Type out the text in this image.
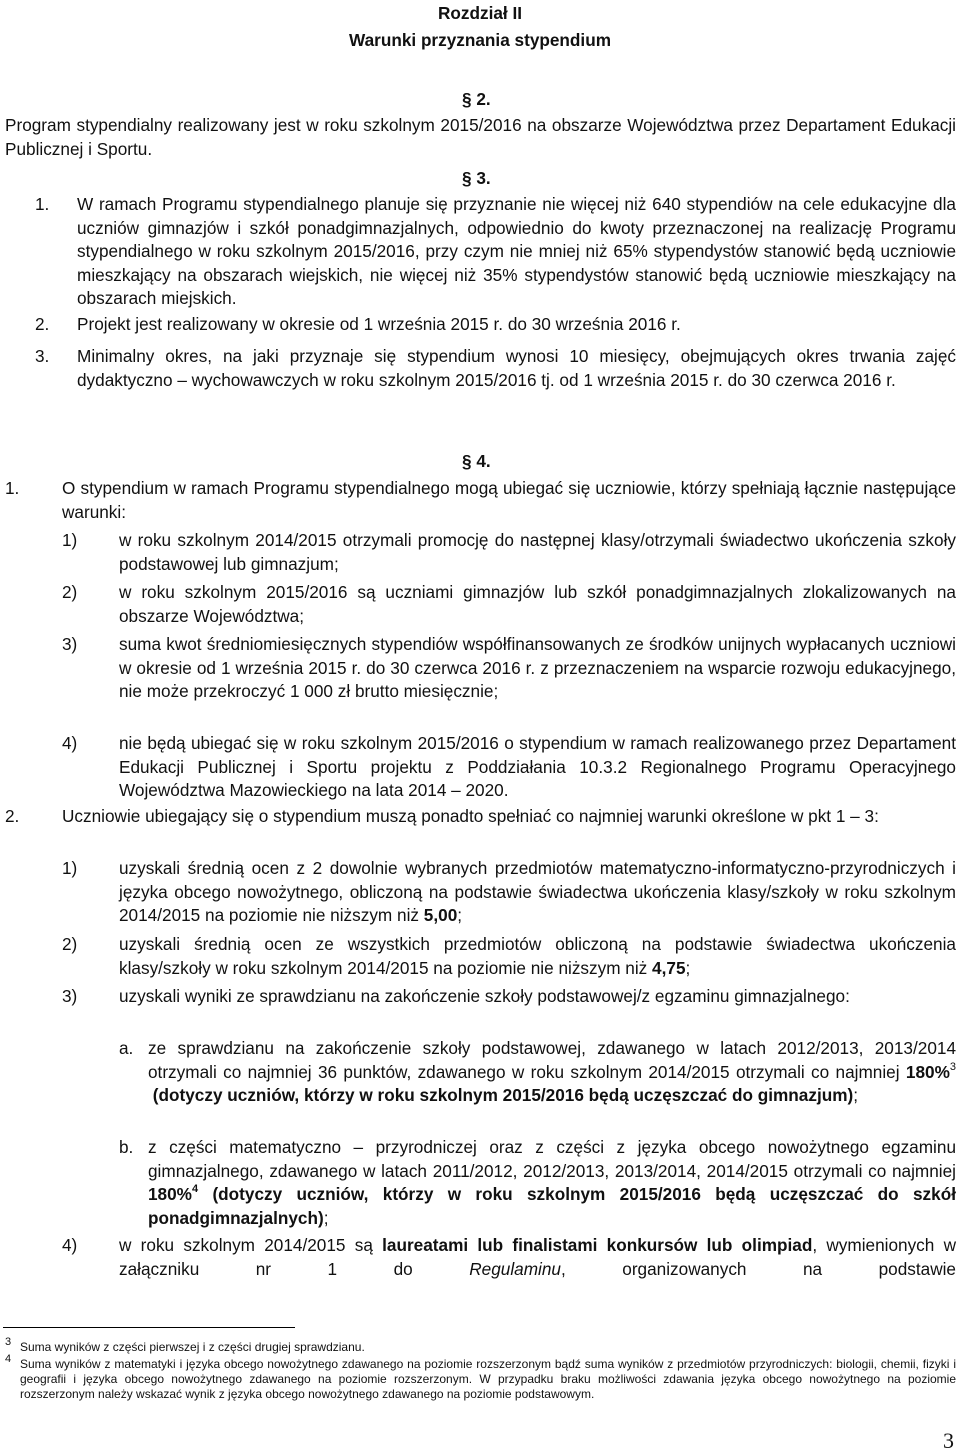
Rozdział II
Warunki przyznania stypendium
§ 2.
Program stypendialny realizowany jest w roku szkolnym 2015/2016 na obszarze Województwa przez Departament Edukacji Publicznej i Sportu.
§ 3.
1. W ramach Programu stypendialnego planuje się przyznanie nie więcej niż 640 stypendiów na cele edukacyjne dla uczniów gimnazjów i szkół ponadgimnazjalnych, odpowiednio do kwoty przeznaczonej na realizację Programu stypendialnego w roku szkolnym 2015/2016, przy czym nie mniej niż 65% stypendystów stanowić będą uczniowie mieszkający na obszarach wiejskich, nie więcej niż 35% stypendystów stanowić będą uczniowie mieszkający na obszarach miejskich.
2. Projekt jest realizowany w okresie od 1 września 2015 r. do 30 września 2016 r.
3. Minimalny okres, na jaki przyznaje się stypendium wynosi 10 miesięcy, obejmujących okres trwania zajęć dydaktyczno – wychowawczych w roku szkolnym 2015/2016 tj. od 1 września 2015 r. do 30 czerwca 2016 r.
§ 4.
1. O stypendium w ramach Programu stypendialnego mogą ubiegać się uczniowie, którzy spełniają łącznie następujące warunki:
1) w roku szkolnym 2014/2015 otrzymali promocję do następnej klasy/otrzymali świadectwo ukończenia szkoły podstawowej lub gimnazjum;
2) w roku szkolnym 2015/2016 są uczniami gimnazjów lub szkół ponadgimnazjalnych zlokalizowanych na obszarze Województwa;
3) suma kwot średniomiesięcznych stypendiów współfinansowanych ze środków unijnych wypłacanych uczniowi w okresie od 1 września 2015 r. do 30 czerwca 2016 r. z przeznaczeniem na wsparcie rozwoju edukacyjnego, nie może przekroczyć 1 000 zł brutto miesięcznie;
4) nie będą ubiegać się w roku szkolnym 2015/2016 o stypendium w ramach realizowanego przez Departament Edukacji Publicznej i Sportu projektu z Poddziałania 10.3.2 Regionalnego Programu Operacyjnego Województwa Mazowieckiego na lata 2014 – 2020.
2. Uczniowie ubiegający się o stypendium muszą ponadto spełniać co najmniej warunki określone w pkt 1 – 3:
1) uzyskali średnią ocen z 2 dowolnie wybranych przedmiotów matematyczno-informatyczno-przyrodniczych i języka obcego nowożytnego, obliczoną na podstawie świadectwa ukończenia klasy/szkoły w roku szkolnym 2014/2015 na poziomie nie niższym niż 5,00;
2) uzyskali średnią ocen ze wszystkich przedmiotów obliczoną na podstawie świadectwa ukończenia klasy/szkoły w roku szkolnym 2014/2015 na poziomie nie niższym niż 4,75;
3) uzyskali wyniki ze sprawdzianu na zakończenie szkoły podstawowej/z egzaminu gimnazjalnego:
a. ze sprawdzianu na zakończenie szkoły podstawowej, zdawanego w latach 2012/2013, 2013/2014 otrzymali co najmniej 36 punktów, zdawanego w roku szkolnym 2014/2015 otrzymali co najmniej 180%$^3$  (dotyczy uczniów, którzy w roku szkolnym 2015/2016 będą uczęszczać do gimnazjum);
b. z części matematyczno – przyrodniczej oraz z części z języka obcego nowożytnego egzaminu gimnazjalnego, zdawanego w latach 2011/2012, 2012/2013, 2013/2014, 2014/2015 otrzymali co najmniej 180%$^4$ (dotyczy uczniów, którzy w roku szkolnym 2015/2016 będą uczęszczać do szkół ponadgimnazjalnych);
4) w roku szkolnym 2014/2015 są laureatami lub finalistami konkursów lub olimpiad, wymienionych w załączniku nr 1 do	Regulaminu, organizowanych na podstawie
3 Suma wyników z części pierwszej i z części drugiej sprawdzianu.
4 Suma wyników z matematyki i języka obcego nowożytnego zdawanego na poziomie rozszerzonym bądź suma wyników z przedmiotów przyrodniczych: biologii, chemii, fizyki i geografii i języka obcego nowożytnego zdawanego na poziomie rozszerzonym. W przypadku braku możliwości zdawania języka obcego nowożytnego na poziomie rozszerzonym należy wskazać wynik z języka obcego nowożytnego zdawanego na poziomie podstawowym.
3
